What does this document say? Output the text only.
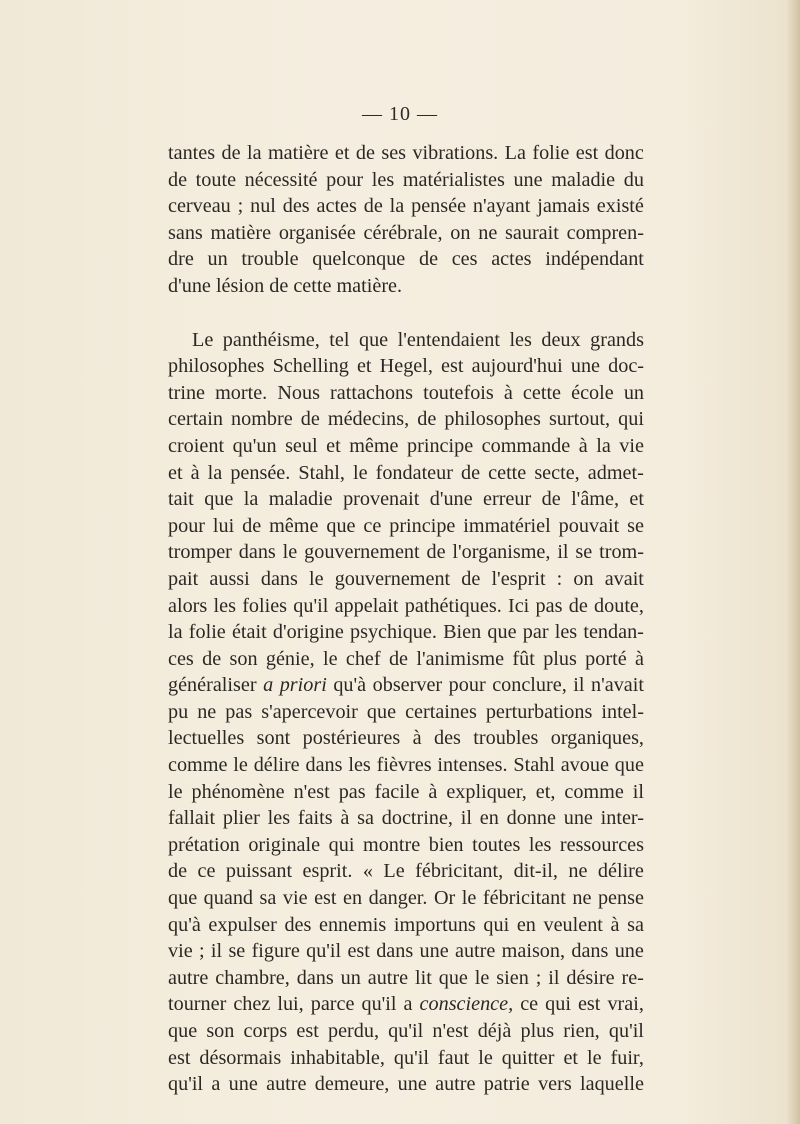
— 10 —
tantes de la matière et de ses vibrations. La folie est donc
de toute nécessité pour les matérialistes une maladie du
cerveau ; nul des actes de la pensée n'ayant jamais existé
sans matière organisée cérébrale, on ne saurait compren-
dre un trouble quelconque de ces actes indépendant
d'une lésion de cette matière.
Le panthéisme, tel que l'entendaient les deux grands
philosophes Schelling et Hegel, est aujourd'hui une doc-
trine morte. Nous rattachons toutefois à cette école un
certain nombre de médecins, de philosophes surtout, qui
croient qu'un seul et même principe commande à la vie
et à la pensée. Stahl, le fondateur de cette secte, admet-
tait que la maladie provenait d'une erreur de l'âme, et
pour lui de même que ce principe immatériel pouvait se
tromper dans le gouvernement de l'organisme, il se trom-
pait aussi dans le gouvernement de l'esprit : on avait
alors les folies qu'il appelait pathétiques. Ici pas de doute,
la folie était d'origine psychique. Bien que par les tendan-
ces de son génie, le chef de l'animisme fût plus porté à
généraliser a priori qu'à observer pour conclure, il n'avait
pu ne pas s'apercevoir que certaines perturbations intel-
lectuelles sont postérieures à des troubles organiques,
comme le délire dans les fièvres intenses. Stahl avoue que
le phénomène n'est pas facile à expliquer, et, comme il
fallait plier les faits à sa doctrine, il en donne une inter-
prétation originale qui montre bien toutes les ressources
de ce puissant esprit. « Le fébricitant, dit-il, ne délire
que quand sa vie est en danger. Or le fébricitant ne pense
qu'à expulser des ennemis importuns qui en veulent à sa
vie ; il se figure qu'il est dans une autre maison, dans une
autre chambre, dans un autre lit que le sien ; il désire re-
tourner chez lui, parce qu'il a conscience, ce qui est vrai,
que son corps est perdu, qu'il n'est déjà plus rien, qu'il
est désormais inhabitable, qu'il faut le quitter et le fuir,
qu'il a une autre demeure, une autre patrie vers laquelle
